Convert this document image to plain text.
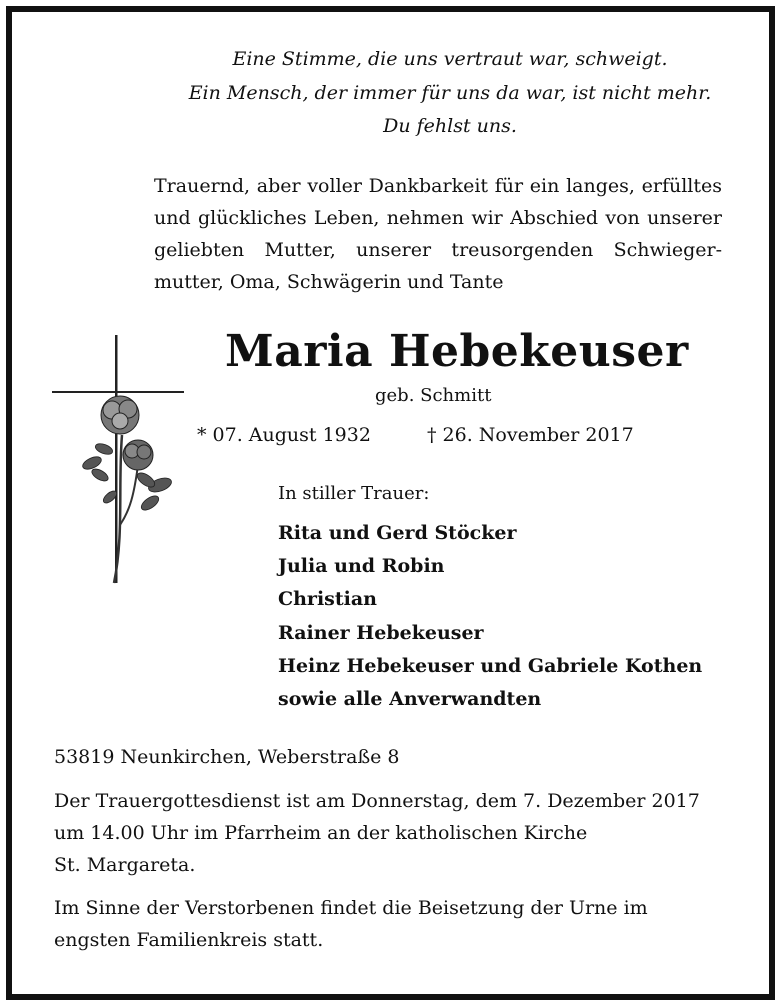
Eine Stimme, die uns vertraut war, schweigt.
Ein Mensch, der immer für uns da war, ist nicht mehr.
Du fehlst uns.
Trauernd, aber voller Dankbarkeit für ein langes, erfülltes und glückliches Leben, nehmen wir Abschied von unserer geliebten Mutter, unserer treusorgenden Schwiegermutter, Oma, Schwägerin und Tante
Maria Hebekeuser
geb. Schmitt
* 07. August 1932	† 26. November 2017
In stiller Trauer:
Rita und Gerd Stöcker
Julia und Robin
Christian
Rainer Hebekeuser
Heinz Hebekeuser und Gabriele Kothen
sowie alle Anverwandten
53819 Neunkirchen, Weberstraße 8
Der Trauergottesdienst ist am Donnerstag, dem 7. Dezember 2017
um 14.00 Uhr im Pfarrheim an der katholischen Kirche
St. Margareta.
Im Sinne der Verstorbenen findet die Beisetzung der Urne im
engsten Familienkreis statt.
